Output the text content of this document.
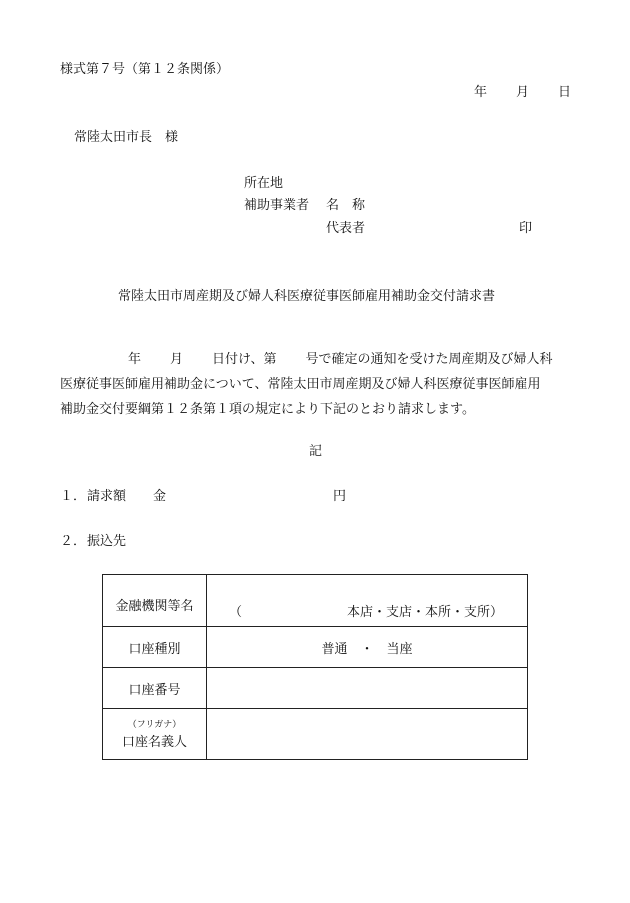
様式第７号（第１２条関係）
年 月 日
常陸太田市長　様
所在地
補助事業者 名　称
代表者	印
常陸太田市周産期及び婦人科医療従事医師雇用補助金交付請求書
年 月 日付け、第 号で確定の通知を受けた周産期及び婦人科
医療従事医師雇用補助金について、常陸太田市周産期及び婦人科医療従事医師雇用
補助金交付要綱第１２条第１項の規定により下記のとおり請求します。
記
１． 請求額 金	円
２． 振込先
金融機関等名	（ 本店・支店・本所・支所）

口座種別	普通　・　当座
口座番号	

（フリガナ）
口座名義人	
